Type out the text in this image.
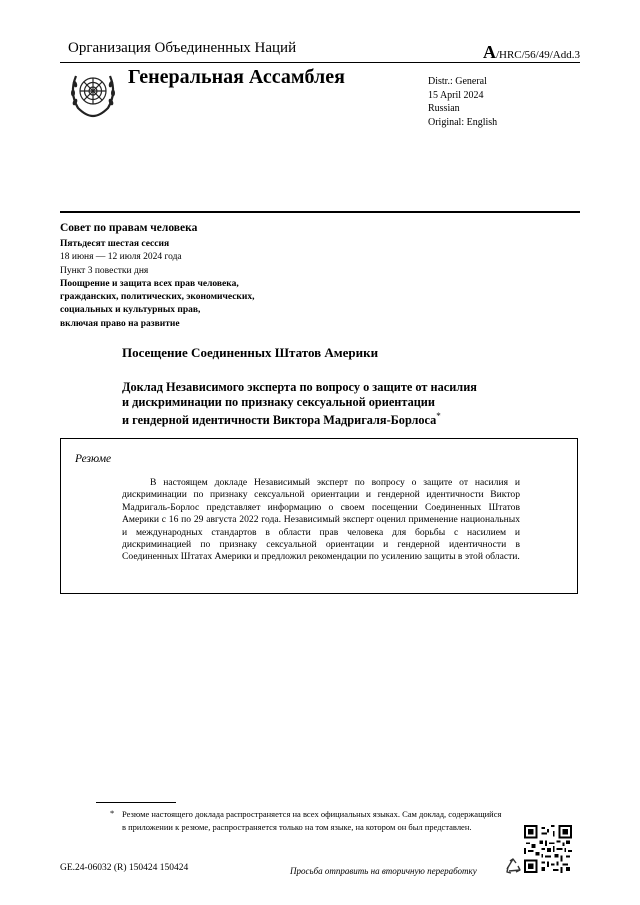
Организация Объединенных Наций	A/HRC/56/49/Add.3
Генеральная Ассамблея	Distr.: General
15 April 2024
Russian
Original: English
Совет по правам человека
Пятьдесят шестая сессия
18 июня — 12 июля 2024 года
Пункт 3 повестки дня
Поощрение и защита всех прав человека,
гражданских, политических, экономических,
социальных и культурных прав,
включая право на развитие
Посещение Соединенных Штатов Америки
Доклад Независимого эксперта по вопросу о защите от насилия
и дискриминации по признаку сексуальной ориентации
и гендерной идентичности Виктора Мадригаля-Борлоса*
Резюме
В настоящем докладе Независимый эксперт по вопросу о защите от насилия и дискриминации по признаку сексуальной ориентации и гендерной идентичности Виктор Мадригаль-Борлос представляет информацию о своем посещении Соединенных Штатов Америки с 16 по 29 августа 2022 года. Независимый эксперт оценил применение национальных и международных стандартов в области прав человека для борьбы с насилием и дискриминацией по признаку сексуальной ориентации и гендерной идентичности в Соединенных Штатах Америки и предложил рекомендации по усилению защиты в этой области.
* Резюме настоящего доклада распространяется на всех официальных языках. Сам доклад, содержащийся в приложении к резюме, распространяется только на том языке, на котором он был представлен.
GE.24-06032 (R) 150424 150424	Просьба отправить на вторичную переработку
